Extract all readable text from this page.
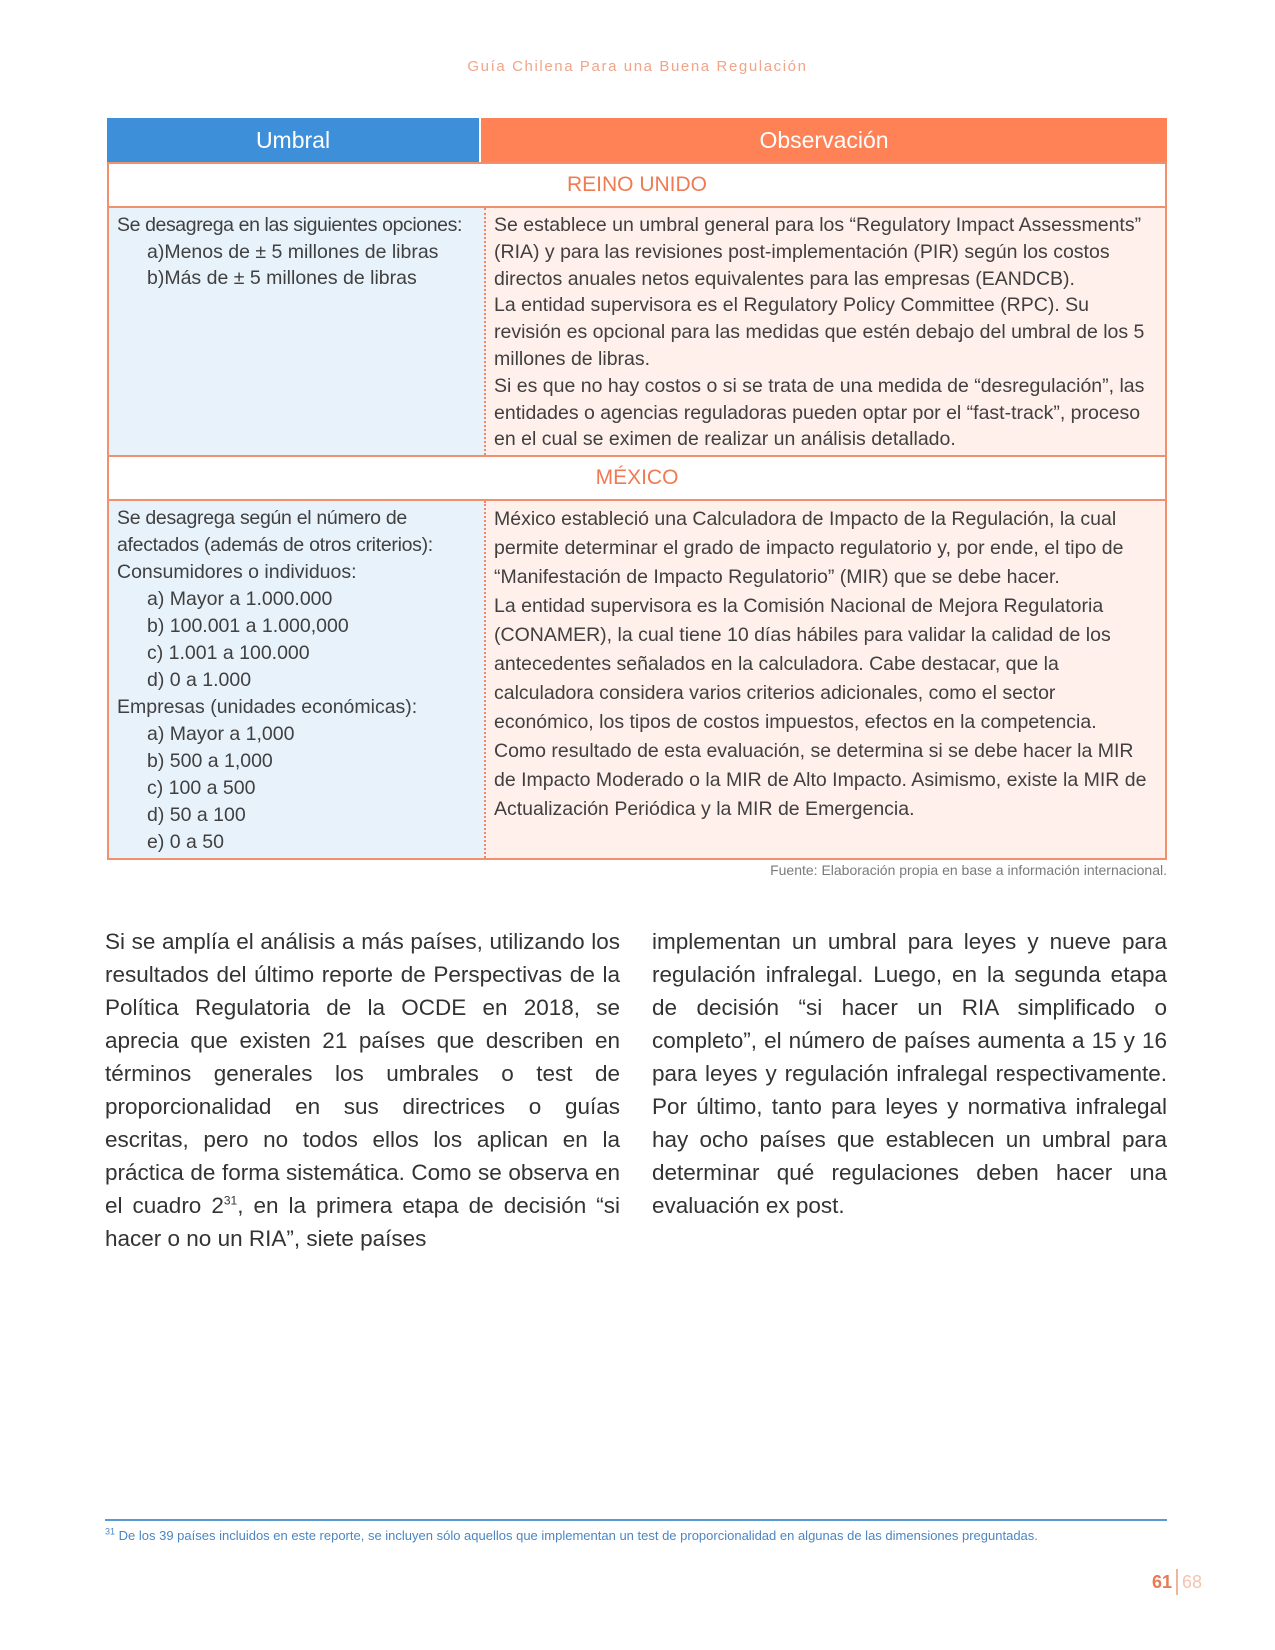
Guía Chilena Para una Buena Regulación
Umbral	Observación
REINO UNIDO
Se desagrega en las siguientes opciones:
a)Menos de ± 5 millones de libras
b)Más de ± 5 millones de libras
Se establece un umbral general para los “Regulatory Impact Assessments” (RIA) y para las revisiones post-implementación (PIR) según los costos directos anuales netos equivalentes para las empresas (EANDCB).
La entidad supervisora es el Regulatory Policy Committee (RPC). Su revisión es opcional para las medidas que estén debajo del umbral de los 5 millones de libras.
Si es que no hay costos o si se trata de una medida de “desregulación”, las entidades o agencias reguladoras pueden optar por el “fast-track”, proceso en el cual se eximen de realizar un análisis detallado.
MÉXICO
Se desagrega según el número de afectados (además de otros criterios):
Consumidores o individuos:
a) Mayor a 1.000.000
b) 100.001 a 1.000,000
c) 1.001 a 100.000
d) 0 a 1.000
Empresas (unidades económicas):
a) Mayor a 1,000
b) 500 a 1,000
c) 100 a 500
d) 50 a 100
e) 0 a 50
México estableció una Calculadora de Impacto de la Regulación, la cual permite determinar el grado de impacto regulatorio y, por ende, el tipo de “Manifestación de Impacto Regulatorio” (MIR) que se debe hacer.
La entidad supervisora es la Comisión Nacional de Mejora Regulatoria (CONAMER), la cual tiene 10 días hábiles para validar la calidad de los antecedentes señalados en la calculadora. Cabe destacar, que la calculadora considera varios criterios adicionales, como el sector económico, los tipos de costos impuestos, efectos en la competencia.
Como resultado de esta evaluación, se determina si se debe hacer la MIR de Impacto Moderado o la MIR de Alto Impacto. Asimismo, existe la MIR de Actualización Periódica y la MIR de Emergencia.
Fuente: Elaboración propia en base a información internacional.

Si se amplía el análisis a más países, utilizando los resultados del último reporte de Perspectivas de la Política Regulatoria de la OCDE en 2018, se aprecia que existen 21 países que describen en términos generales los umbrales o test de proporcionalidad en sus directrices o guías escritas, pero no todos ellos los aplican en la práctica de forma sistemática. Como se observa en el cuadro $2^{31}$, en la primera etapa de decisión “si hacer o no un RIA”, siete países

implementan un umbral para leyes y nueve para regulación infralegal. Luego, en la segunda etapa de decisión “si hacer un RIA simplificado o completo”, el número de países aumenta a 15 y 16 para leyes y regulación infralegal respectivamente. Por último, tanto para leyes y normativa infralegal hay ocho países que establecen un umbral para determinar qué regulaciones deben hacer una evaluación ex post.

$^{31}$ De los 39 países incluidos en este reporte, se incluyen sólo aquellos que implementan un test de proporcionalidad en algunas de las dimensiones preguntadas.
61 68
